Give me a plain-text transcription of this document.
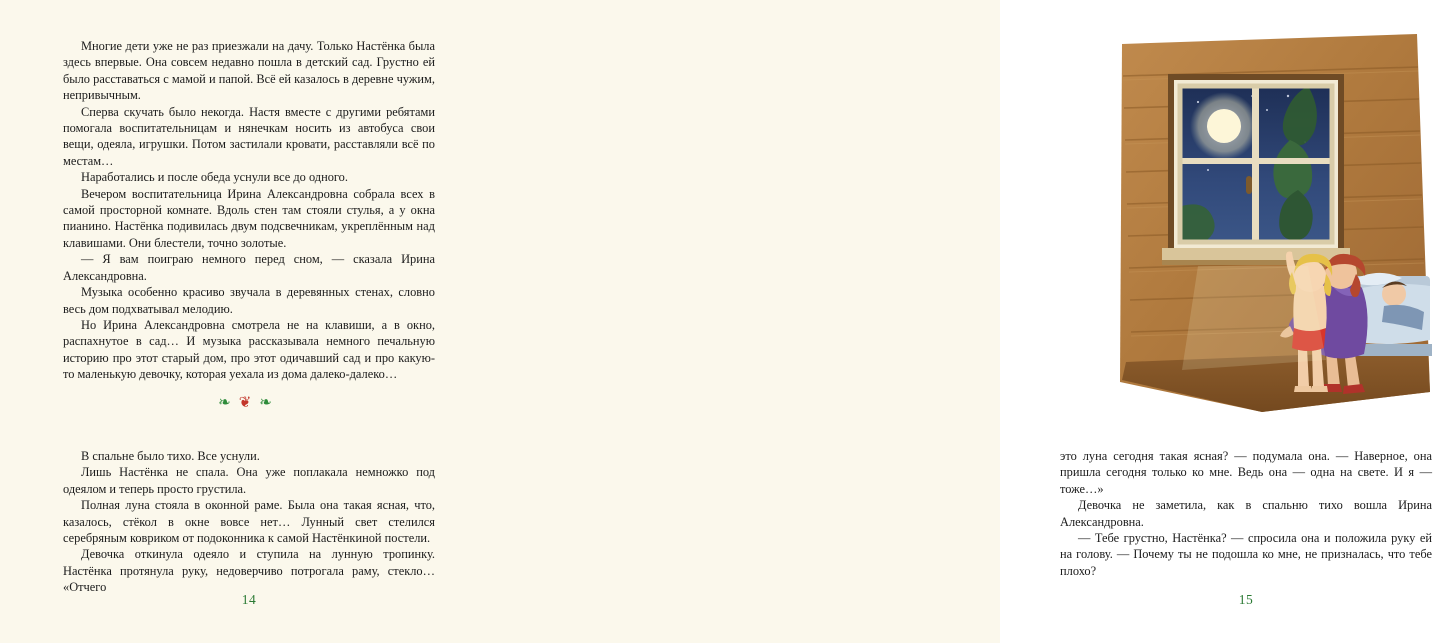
Многие дети уже не раз приезжали на дачу. Только Настёнка была здесь впервые. Она совсем недавно пошла в детский сад. Грустно ей было расставаться с мамой и папой. Всё ей казалось в деревне чужим, непривычным.

Сперва скучать было некогда. Настя вместе с другими ребятами помогала воспитательницам и нянечкам носить из автобуса свои вещи, одеяла, игрушки. Потом застилали кровати, расставляли всё по местам…

Наработались и после обеда уснули все до одного.

Вечером воспитательница Ирина Александровна собрала всех в самой просторной комнате. Вдоль стен там стояли стулья, а у окна пианино. Настёнка подивилась двум подсвечникам, укреплённым над клавишами. Они блестели, точно золотые.

— Я вам поиграю немного перед сном, — сказала Ирина Александровна.

Музыка особенно красиво звучала в деревянных стенах, словно весь дом подхватывал мелодию.

Но Ирина Александровна смотрела не на клавиши, а в окно, распахнутое в сад… И музыка рассказывала немного печальную историю про этот старый дом, про этот одичавший сад и про какую-то маленькую девочку, которая уехала из дома далеко-далеко…

❧❦❧

В спальне было тихо. Все уснули.

Лишь Настёнка не спала. Она уже поплакала немножко под одеялом и теперь просто грустила.

Полная луна стояла в оконной раме. Была она такая ясная, что, казалось, стёкол в окне вовсе нет… Лунный свет стелился серебряным ковриком от подоконника к самой Настёнкиной постели.

Девочка откинула одеяло и ступила на лунную тропинку. Настёнка протянула руку, недоверчиво потрогала раму, стекло… «Отчего

14

это луна сегодня такая ясная? — подумала она. — Наверное, она пришла сегодня только ко мне. Ведь она — одна на свете. И я — тоже…»

Девочка не заметила, как в спальню тихо вошла Ирина Александровна.

— Тебе грустно, Настёнка? — спросила она и положила руку ей на голову. — Почему ты не подошла ко мне, не призналась, что тебе плохо?

15
